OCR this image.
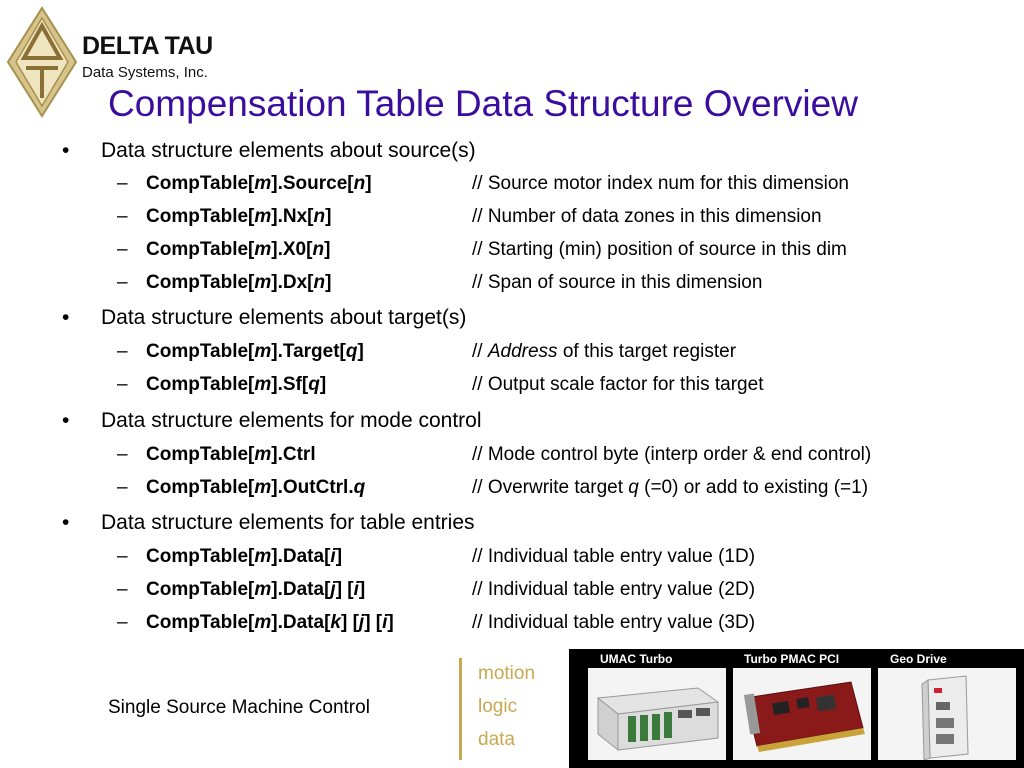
DELTA TAU
Data Systems, Inc.
Compensation Table Data Structure Overview
• Data structure elements about source(s)
– CompTable[m].Source[n]	// Source motor index num for this dimension
– CompTable[m].Nx[n]	// Number of data zones in this dimension
– CompTable[m].X0[n]	// Starting (min) position of source in this dim
– CompTable[m].Dx[n]	// Span of source in this dimension
• Data structure elements about target(s)
– CompTable[m].Target[q]	// Address of this target register
– CompTable[m].Sf[q]	// Output scale factor for this target
• Data structure elements for mode control
– CompTable[m].Ctrl	// Mode control byte (interp order & end control)
– CompTable[m].OutCtrl.q	// Overwrite target q (=0) or add to existing (=1)
• Data structure elements for table entries
– CompTable[m].Data[i]	// Individual table entry value (1D)
– CompTable[m].Data[j] [i]	// Individual table entry value (2D)
– CompTable[m].Data[k] [j] [i]	// Individual table entry value (3D)
Single Source Machine Control
motion
logic
data
UMAC Turbo	Turbo PMAC PCI	Geo Drive
